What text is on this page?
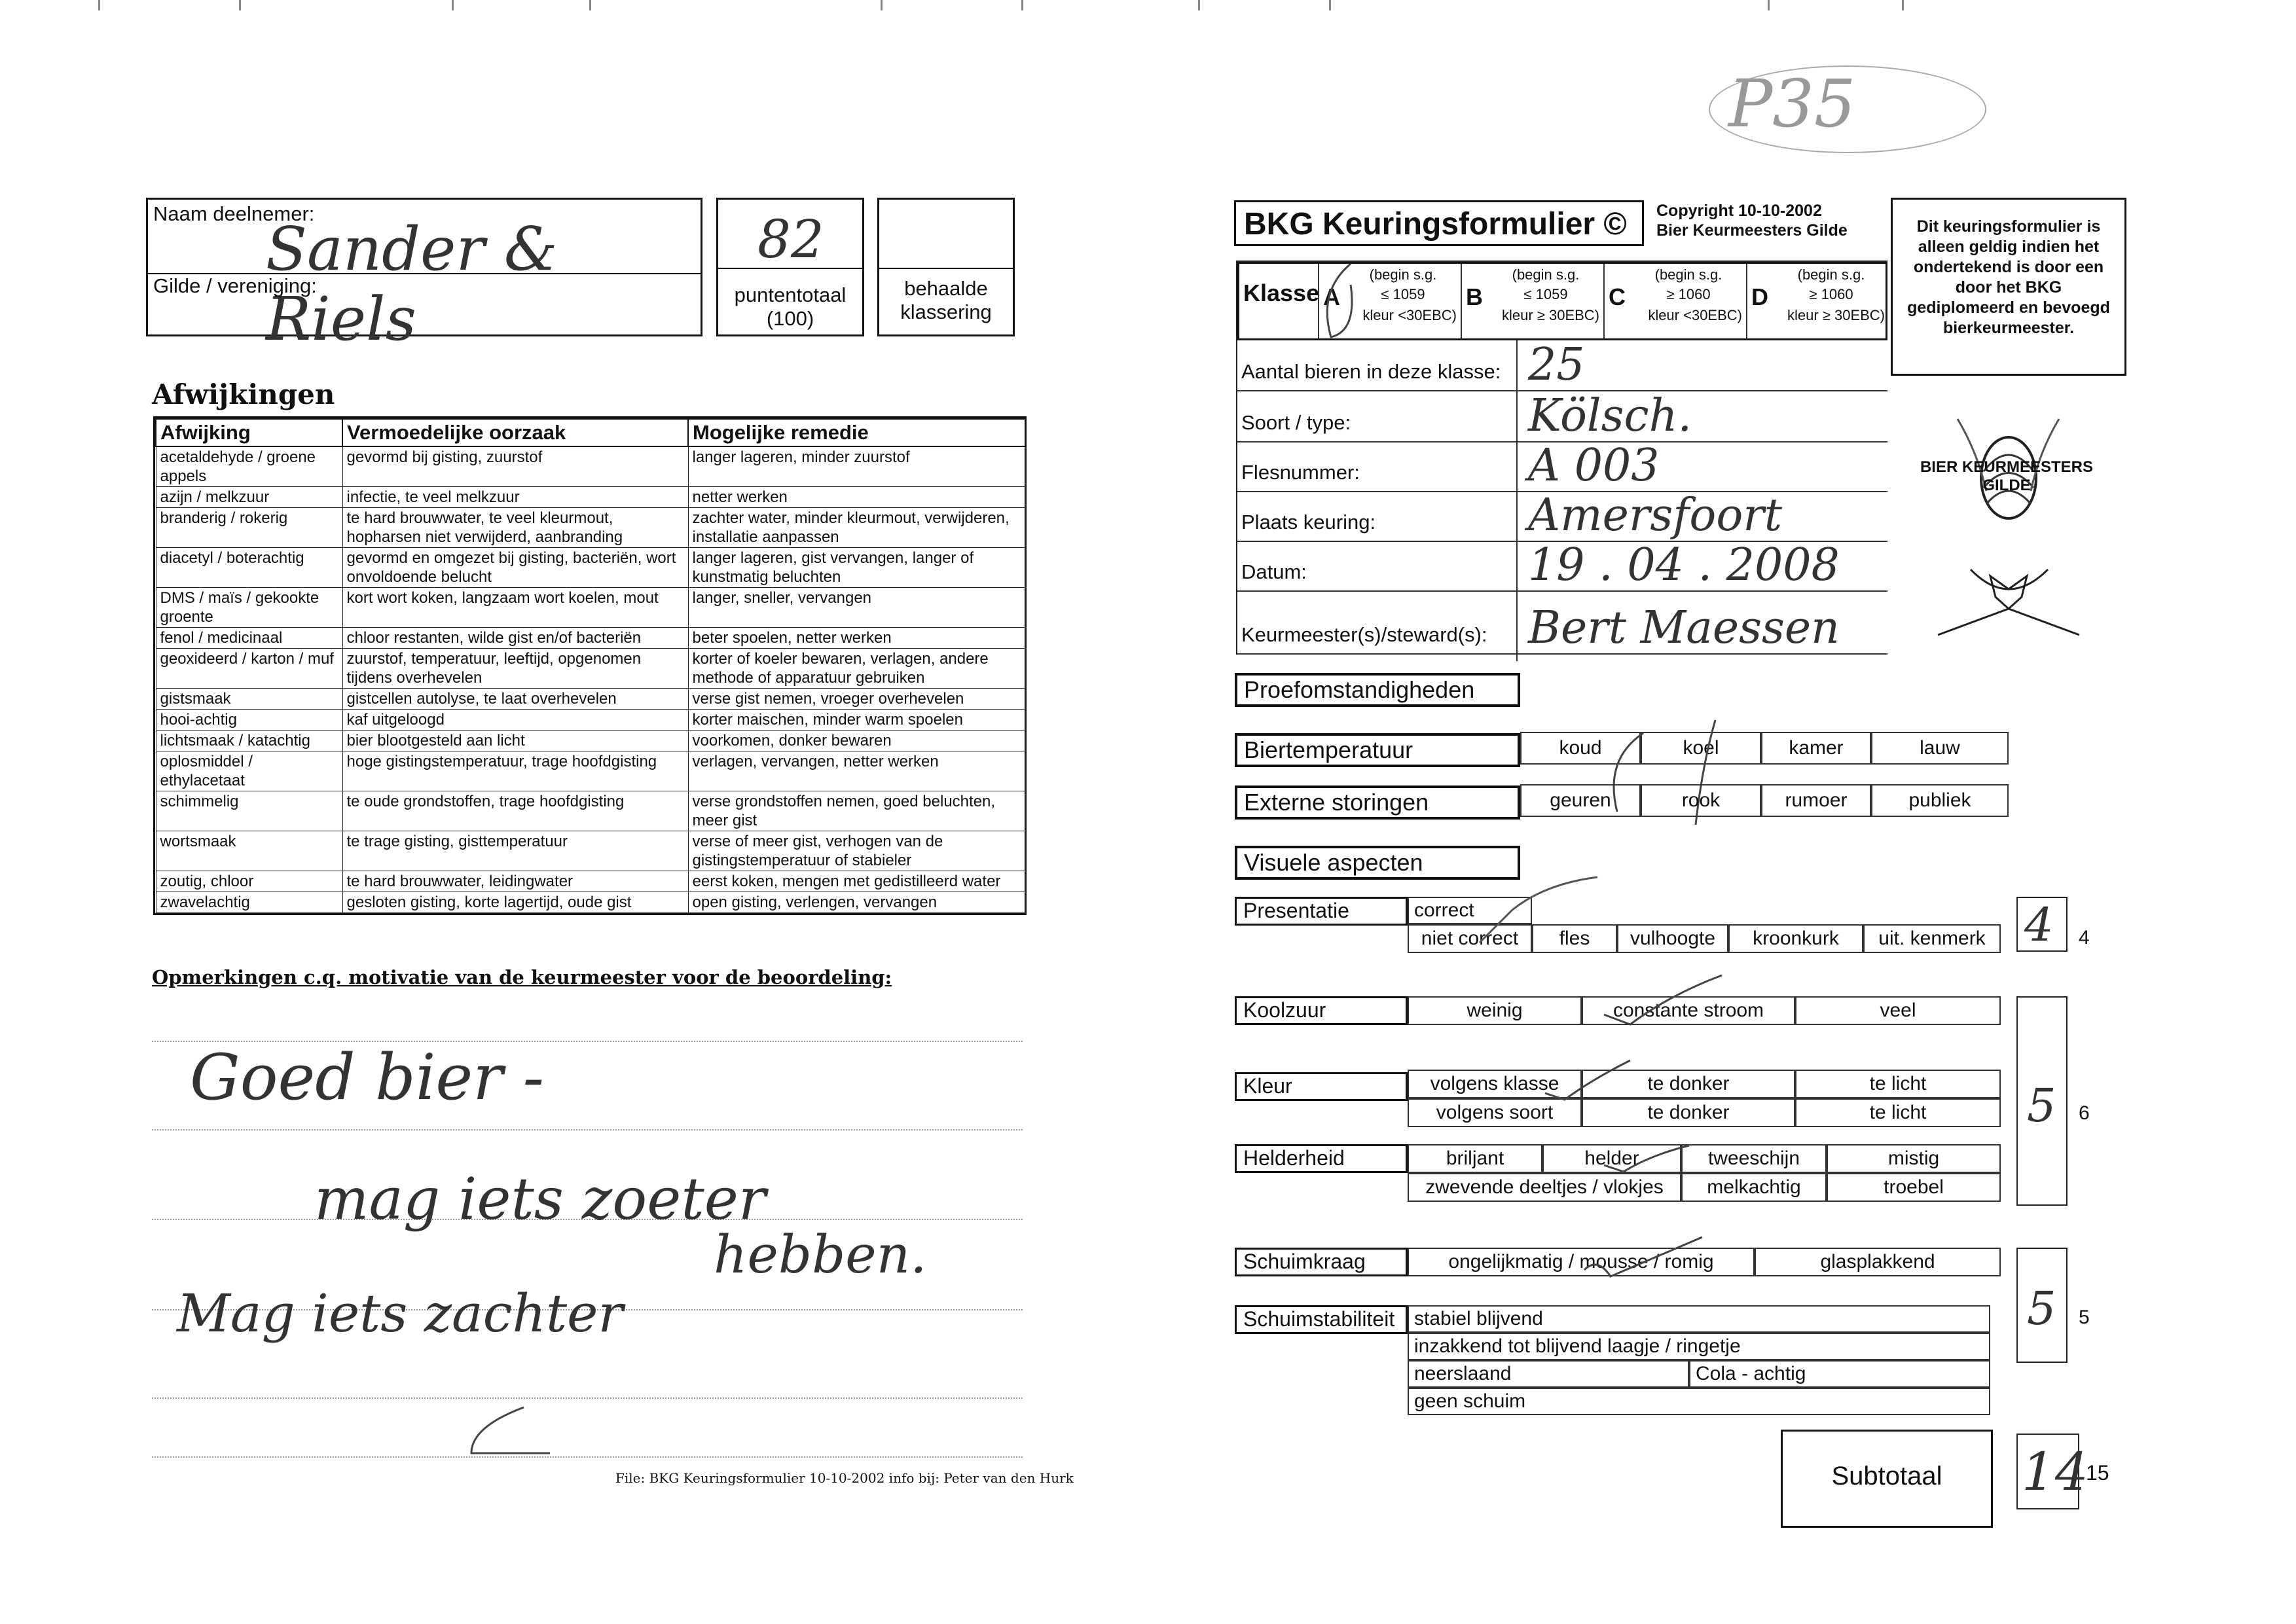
Naam deelnemer:
Sander & Riels
Gilde / vereniging:
82
puntentotaal
(100)
behaalde
klassering
Afwijkingen
Afwijking	Vermoedelijke oorzaak	Mogelijke remedie
acetaldehyde / groene appels	gevormd bij gisting, zuurstof	langer lageren, minder zuurstof
azijn / melkzuur	infectie, te veel melkzuur	netter werken
branderig / rokerig	te hard brouwwater, te veel kleurmout, hopharsen niet verwijderd, aanbranding	zachter water, minder kleurmout, verwijderen, installatie aanpassen
diacetyl / boterachtig	gevormd en omgezet bij gisting, bacteriën, wort onvoldoende belucht	langer lageren, gist vervangen, langer of kunstmatig beluchten
DMS / maïs / gekookte groente	kort wort koken, langzaam wort koelen, mout	langer, sneller, vervangen
fenol / medicinaal	chloor restanten, wilde gist en/of bacteriën	beter spoelen, netter werken
geoxideerd / karton / muf	zuurstof, temperatuur, leeftijd, opgenomen tijdens overhevelen	korter of koeler bewaren, verlagen, andere methode of apparatuur gebruiken
gistsmaak	gistcellen autolyse, te laat overhevelen	verse gist nemen, vroeger overhevelen
hooi-achtig	kaf uitgeloogd	korter maischen, minder warm spoelen
lichtsmaak / katachtig	bier blootgesteld aan licht	voorkomen, donker bewaren
oplosmiddel / ethylacetaat	hoge gistingstemperatuur, trage hoofdgisting	verlagen, vervangen, netter werken
schimmelig	te oude grondstoffen, trage hoofdgisting	verse grondstoffen nemen, goed beluchten, meer gist
wortsmaak	te trage gisting, gisttemperatuur	verse of meer gist, verhogen van de gistingstemperatuur of stabieler
zoutig, chloor	te hard brouwwater, leidingwater	eerst koken, mengen met gedistilleerd water
zwavelachtig	gesloten gisting, korte lagertijd, oude gist	open gisting, verlengen, vervangen
Opmerkingen c.q. motivatie van de keurmeester voor de beoordeling:
Goed bier -
mag iets zoeter
hebben.
Mag iets zachter
File: BKG Keuringsformulier 10-10-2002 info bij: Peter van den Hurk
P35
BKG Keuringsformulier © Copyright 10-10-2002
Bier Keurmeesters Gilde	Dit keuringsformulier is alleen geldig indien het ondertekend is door een door het BKG gediplomeerd en bevoegd bierkeurmeester.
BIER KEURMEESTERS GILDE
Klasse A
(begin s.g.
≤ 1059
kleur <30EBC)
B
(begin s.g.
≤ 1059
kleur ≥ 30EBC)
C
(begin s.g.
≥ 1060
kleur <30EBC)
D
(begin s.g.
≥ 1060
kleur ≥ 30EBC)
Aantal bieren in deze klasse: 25
Soort / type:	Kölsch.
Flesnummer:	A 003
Plaats keuring:	Amersfoort
Datum:	19 . 04 . 2008
Keurmeester(s)/steward(s): Bert Maessen
Proefomstandigheden
Biertemperatuur	koud	koel	kamer	lauw
Externe storingen	geuren	rook	rumoer	publiek
Visuele aspecten
Presentatie	correct
niet correct	fles	vulhoogte	kroonkurk	uit. kenmerk 4 4
Koolzuur	weinig	constante stroom	veel
Kleur	volgens klasse	te donker	te licht
volgens soort	te donker	te licht
Helderheid	briljant	helder	tweeschijn	mistig
zwevende deeltjes / vlokjes	melkachtig	troebel
5 6
Schuimkraag	ongelijkmatig / mousse / romig	glasplakkend
Schuimstabiliteit stabiel blijvend
inzakkend tot blijvend laagje / ringetje
neerslaand	Cola - achtig
geen schuim
5 5
Subtotaal	14
15
